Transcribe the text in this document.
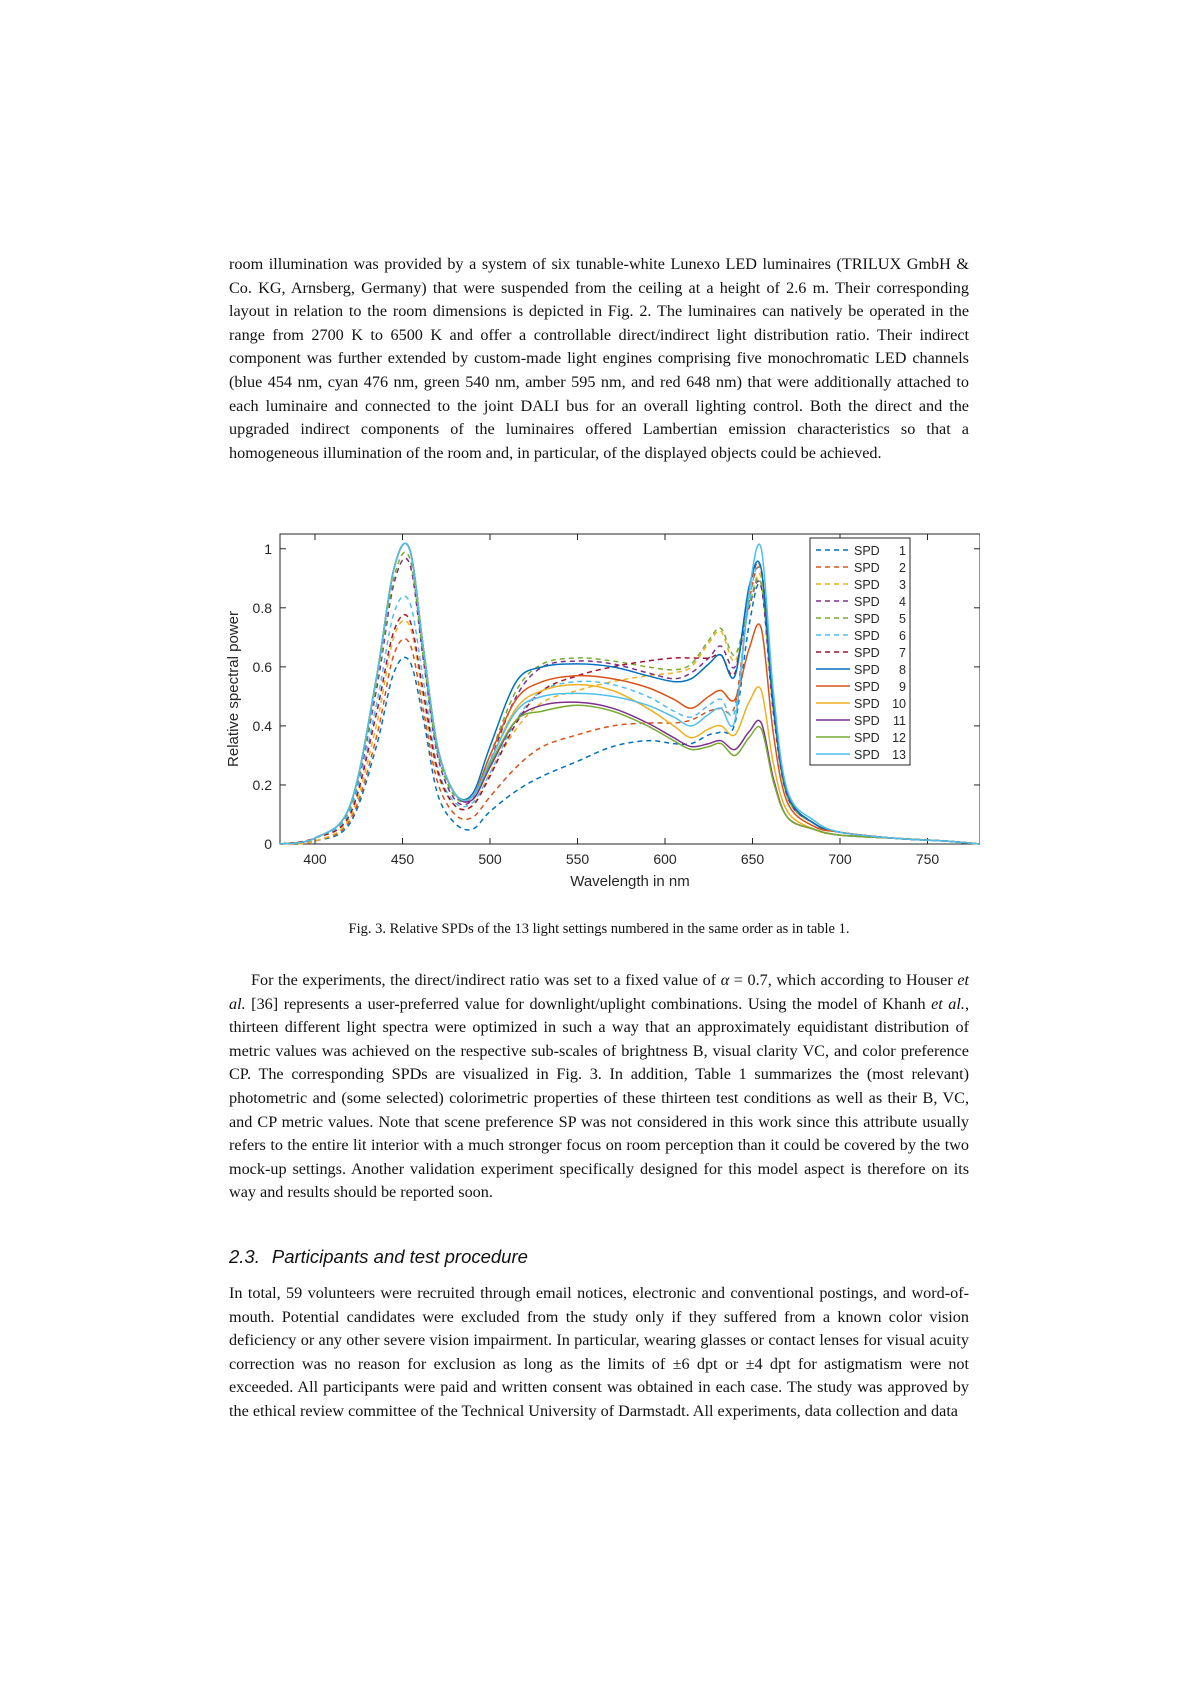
room illumination was provided by a system of six tunable-white Lunexo LED luminaires (TRILUX GmbH & Co. KG, Arnsberg, Germany) that were suspended from the ceiling at a height of 2.6 m. Their corresponding layout in relation to the room dimensions is depicted in Fig. 2. The luminaires can natively be operated in the range from 2700 K to 6500 K and offer a controllable direct/indirect light distribution ratio. Their indirect component was further extended by custom-made light engines comprising five monochromatic LED channels (blue 454 nm, cyan 476 nm, green 540 nm, amber 595 nm, and red 648 nm) that were additionally attached to each luminaire and connected to the joint DALI bus for an overall lighting control. Both the direct and the upgraded indirect components of the luminaires offered Lambertian emission characteristics so that a homogeneous illumination of the room and, in particular, of the displayed objects could be achieved.

400	450	500	550	600	650	700	750
0
0.2
0.4
0.6
0.8
1
Wavelength in nm
Relative spectral power
SPD 1
SPD 2
SPD 3
SPD 4
SPD 5
SPD 6
SPD 7
SPD 8
SPD 9
SPD 10
SPD 11
SPD 12
SPD 13

Fig. 3. Relative SPDs of the 13 light settings numbered in the same order as in table 1.

For the experiments, the direct/indirect ratio was set to a fixed value of α = 0.7, which according to Houser et al. [36] represents a user-preferred value for downlight/uplight combinations. Using the model of Khanh et al., thirteen different light spectra were optimized in such a way that an approximately equidistant distribution of metric values was achieved on the respective sub-scales of brightness B, visual clarity VC, and color preference CP. The corresponding SPDs are visualized in Fig. 3. In addition, Table 1 summarizes the (most relevant) photometric and (some selected) colorimetric properties of these thirteen test conditions as well as their B, VC, and CP metric values. Note that scene preference SP was not considered in this work since this attribute usually refers to the entire lit interior with a much stronger focus on room perception than it could be covered by the two mock-up settings. Another validation experiment specifically designed for this model aspect is therefore on its way and results should be reported soon.

2.3. Participants and test procedure

In total, 59 volunteers were recruited through email notices, electronic and conventional postings, and word-of-mouth. Potential candidates were excluded from the study only if they suffered from a known color vision deficiency or any other severe vision impairment. In particular, wearing glasses or contact lenses for visual acuity correction was no reason for exclusion as long as the limits of ±6 dpt or ±4 dpt for astigmatism were not exceeded. All participants were paid and written consent was obtained in each case. The study was approved by the ethical review committee of the Technical University of Darmstadt. All experiments, data collection and data
